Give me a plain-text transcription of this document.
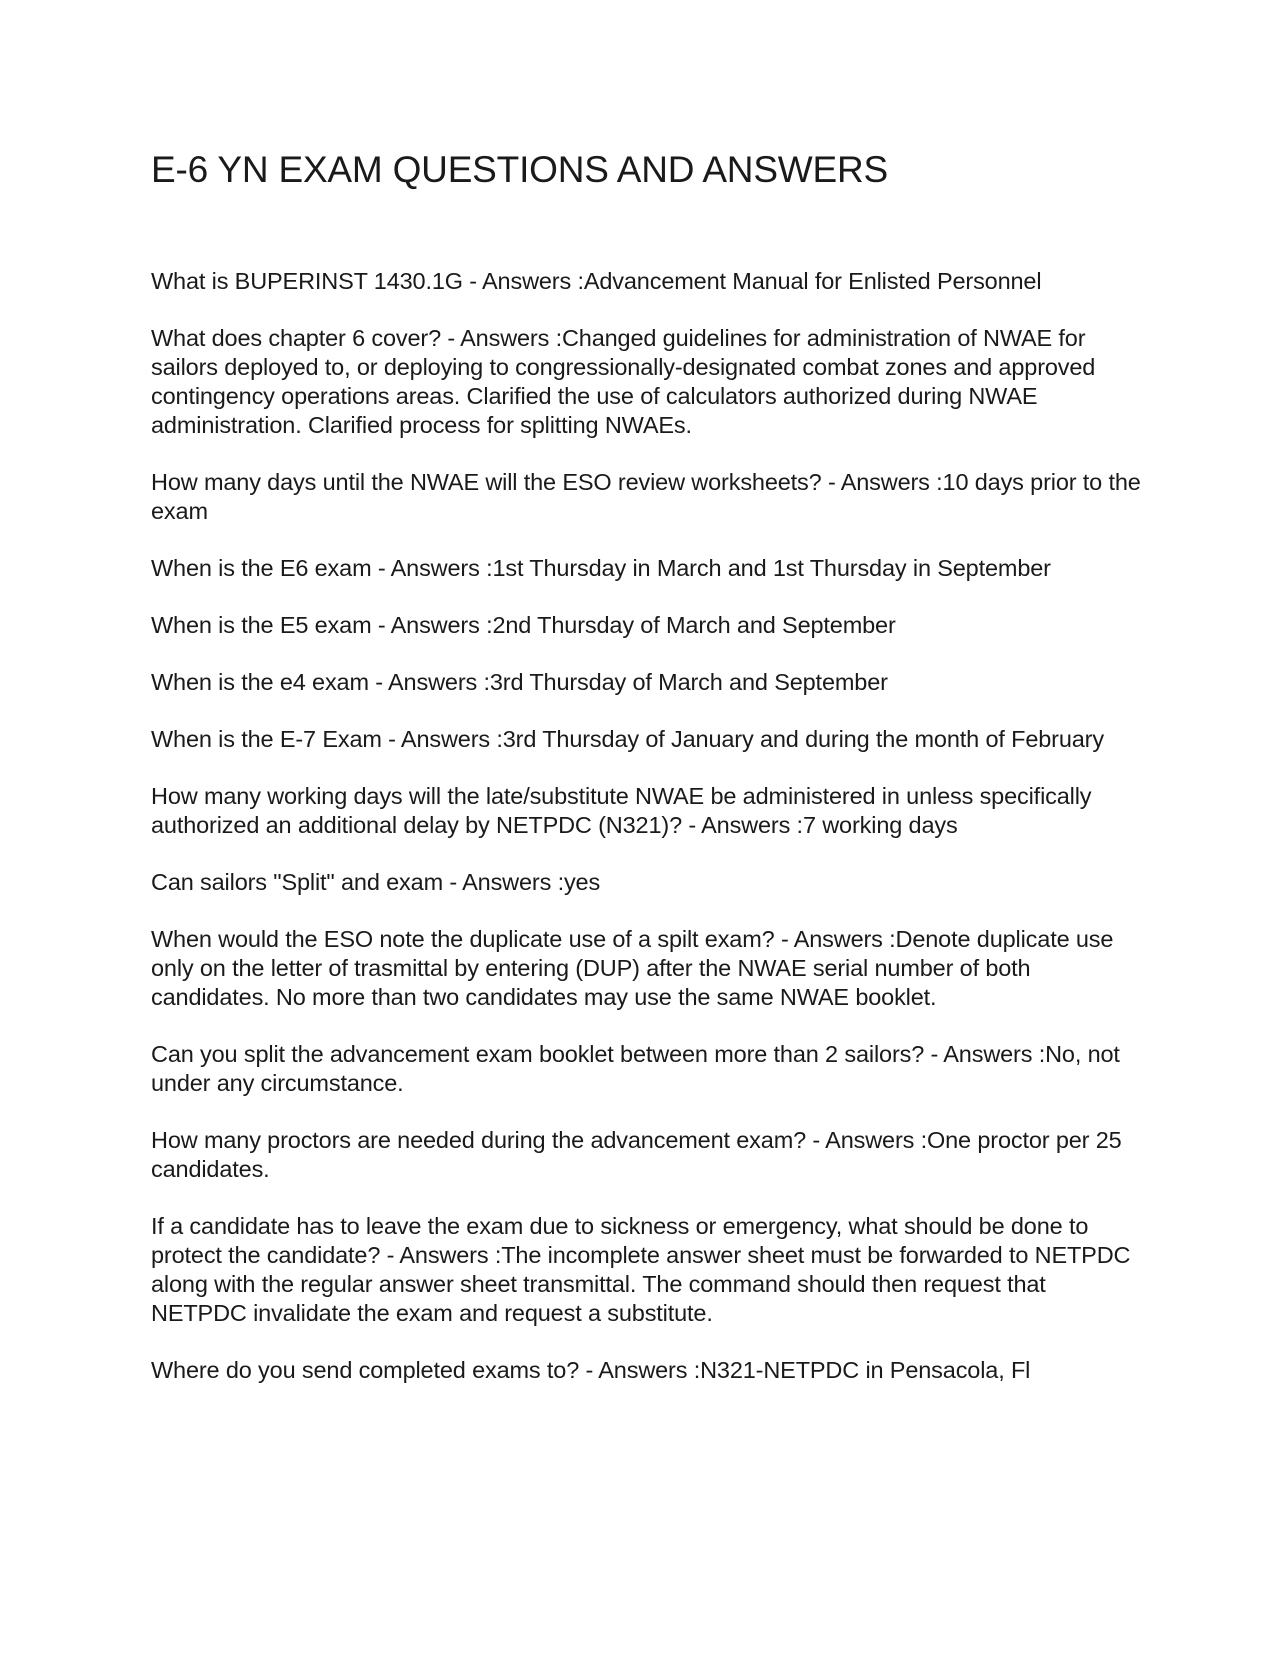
E-6 YN EXAM QUESTIONS AND ANSWERS
What is BUPERINST 1430.1G - Answers :Advancement Manual for Enlisted Personnel
What does chapter 6 cover? - Answers :Changed guidelines for administration of NWAE for sailors deployed to, or deploying to congressionally-designated combat zones and approved contingency operations areas. Clarified the use of calculators authorized during NWAE administration. Clarified process for splitting NWAEs.
How many days until the NWAE will the ESO review worksheets? - Answers :10 days prior to the exam
When is the E6 exam - Answers :1st Thursday in March and 1st Thursday in September
When is the E5 exam - Answers :2nd Thursday of March and September
When is the e4 exam - Answers :3rd Thursday of March and September
When is the E-7 Exam - Answers :3rd Thursday of January and during the month of February
How many working days will the late/substitute NWAE be administered in unless specifically authorized an additional delay by NETPDC (N321)? - Answers :7 working days
Can sailors "Split" and exam - Answers :yes
When would the ESO note the duplicate use of a spilt exam? - Answers :Denote duplicate use only on the letter of trasmittal by entering (DUP) after the NWAE serial number of both candidates. No more than two candidates may use the same NWAE booklet.
Can you split the advancement exam booklet between more than 2 sailors? - Answers :No, not under any circumstance.
How many proctors are needed during the advancement exam? - Answers :One proctor per 25 candidates.
If a candidate has to leave the exam due to sickness or emergency, what should be done to protect the candidate? - Answers :The incomplete answer sheet must be forwarded to NETPDC along with the regular answer sheet transmittal. The command should then request that NETPDC invalidate the exam and request a substitute.
Where do you send completed exams to? - Answers :N321-NETPDC in Pensacola, Fl
